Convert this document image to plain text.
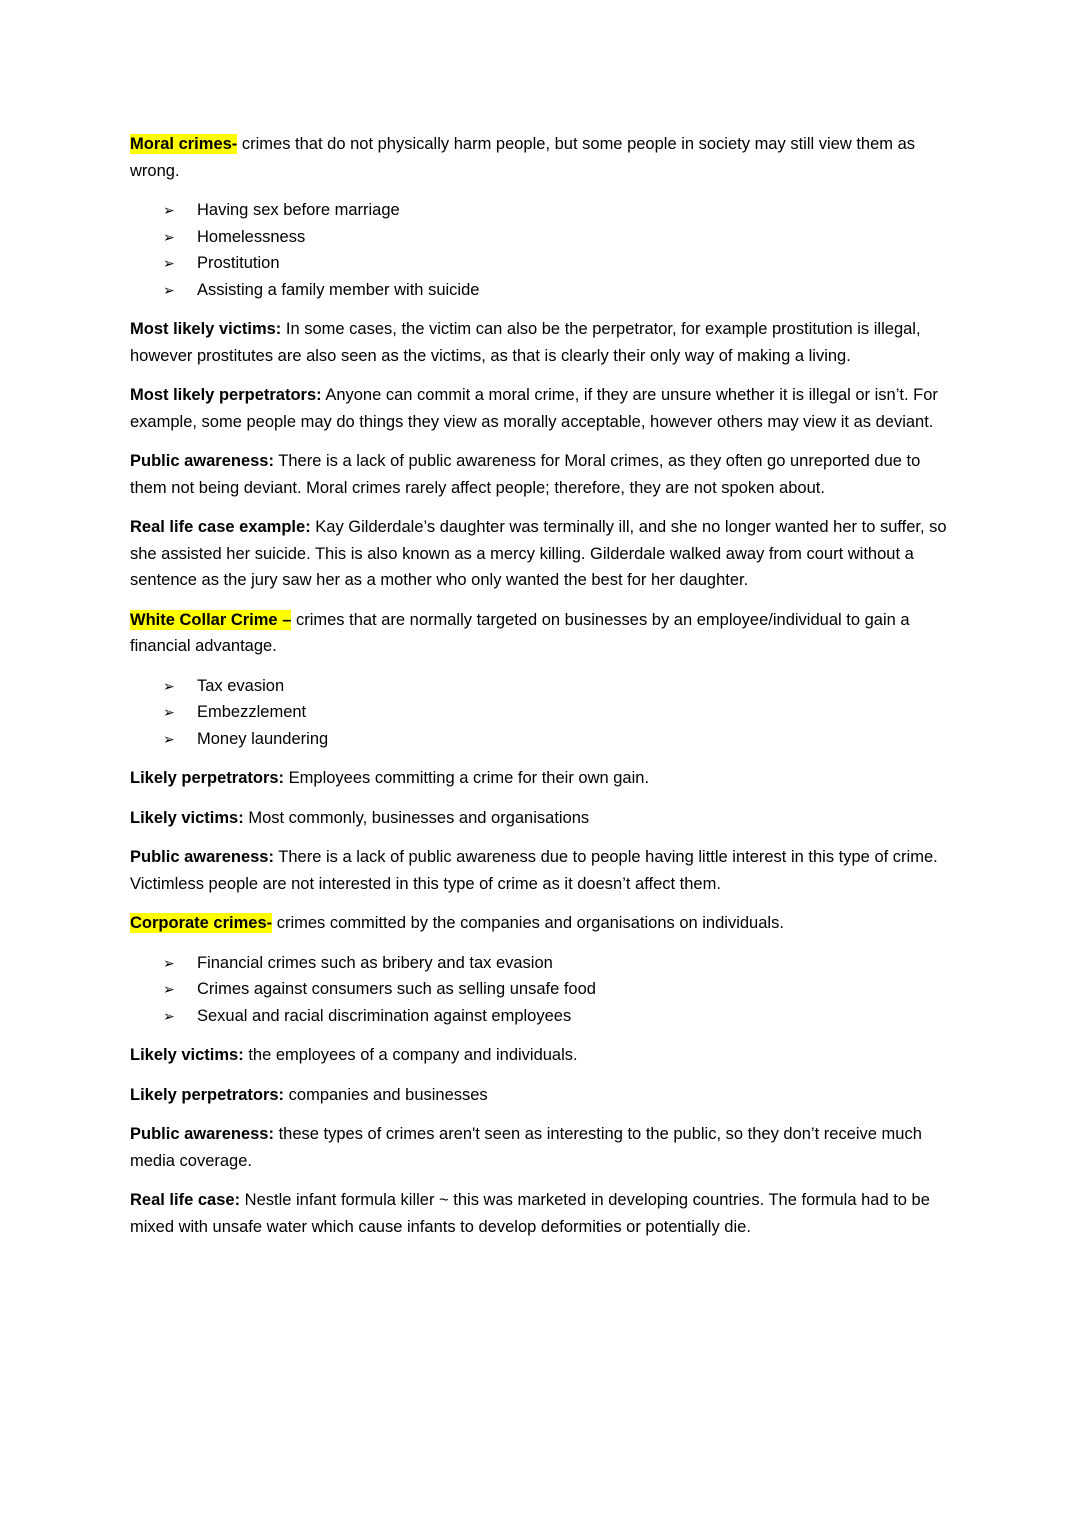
Moral crimes- crimes that do not physically harm people, but some people in society may still view them as wrong.

➢ Having sex before marriage
➢ Homelessness
➢ Prostitution
➢ Assisting a family member with suicide

Most likely victims: In some cases, the victim can also be the perpetrator, for example prostitution is illegal, however prostitutes are also seen as the victims, as that is clearly their only way of making a living.

Most likely perpetrators: Anyone can commit a moral crime, if they are unsure whether it is illegal or isn’t. For example, some people may do things they view as morally acceptable, however others may view it as deviant.

Public awareness: There is a lack of public awareness for Moral crimes, as they often go unreported due to them not being deviant. Moral crimes rarely affect people; therefore, they are not spoken about.

Real life case example: Kay Gilderdale’s daughter was terminally ill, and she no longer wanted her to suffer, so she assisted her suicide. This is also known as a mercy killing. Gilderdale walked away from court without a sentence as the jury saw her as a mother who only wanted the best for her daughter.

White Collar Crime – crimes that are normally targeted on businesses by an employee/individual to gain a financial advantage.

➢ Tax evasion
➢ Embezzlement
➢ Money laundering

Likely perpetrators: Employees committing a crime for their own gain.

Likely victims: Most commonly, businesses and organisations

Public awareness: There is a lack of public awareness due to people having little interest in this type of crime. Victimless people are not interested in this type of crime as it doesn’t affect them.

Corporate crimes- crimes committed by the companies and organisations on individuals.

➢ Financial crimes such as bribery and tax evasion
➢ Crimes against consumers such as selling unsafe food
➢ Sexual and racial discrimination against employees

Likely victims: the employees of a company and individuals.

Likely perpetrators: companies and businesses

Public awareness: these types of crimes aren't seen as interesting to the public, so they don’t receive much media coverage.

Real life case: Nestle infant formula killer ~ this was marketed in developing countries. The formula had to be mixed with unsafe water which cause infants to develop deformities or potentially die.
